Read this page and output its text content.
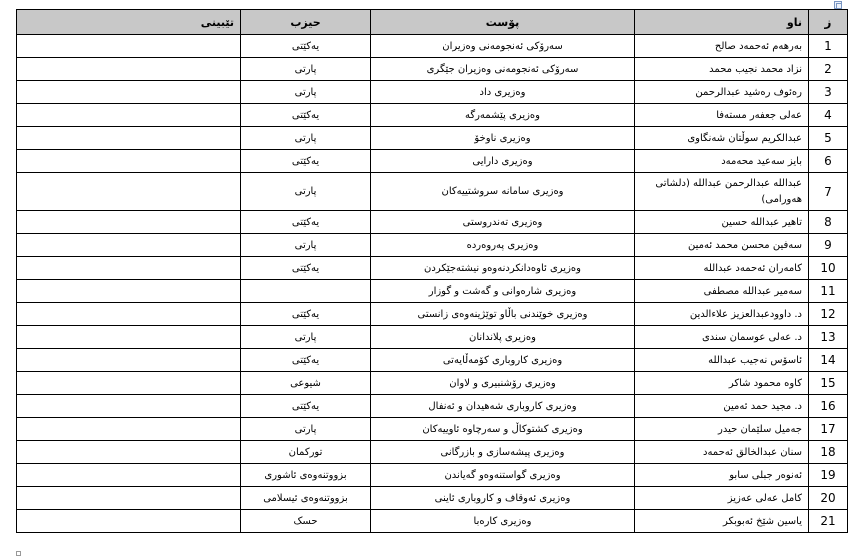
ز	ناو	پۆست	حیزب	تێبینی
1	بەرهەم ئەحمەد صالح	سەرۆکی ئەنجومەنی وەزیران	یەکێتی	
2	نزاد محمد نجیب محمد	سەرۆکی ئەنجومەنی وەزیران جێگری	پارتی	
3	رەئوف رەشید عبدالرحمن	وەزیری داد	پارتی	
4	عەلی جعفەر مستەفا	وەزیری پێشمەرگە	یەکێتی	
5	عبدالکریم سوڵتان شەنگاوی	وەزیری ناوخۆ	پارتی	
6	بایز سەعید محەمەد	وەزیری دارایی	یەکێتی	
7	عبداللە عبدالرحمن عبداللە (دلشاتی هەورامی)	وەزیری سامانە سروشتییەکان	پارتی	
8	تاهیر عبداللە حسین	وەزیری تەندروستی	یەکێتی	
9	سەفین محسن محمد ئەمین	وەزیری پەروەردە	پارتی	
10	کامەران ئەحمەد عبداللە	وەزیری ئاوەدانکردنەوەو نیشتەجێکردن	یەکێتی	
11	سەمیر عبداللە مصطفی	وەزیری شارەوانی و گەشت و گوزار		
12	د. داوودعبدالعزیز علاءالدین	وەزیری خوێندنی باڵاو توێژینەوەی زانستی	یەکێتی	
13	د. عەلی عوسمان سندی	وەزیری پلاندانان	پارتی	
14	ئاسۆس نەجیب عبداللە	وەزیری کاروباری کۆمەڵایەتی	یەکێتی	
15	کاوە محمود شاکر	وەزیری رۆشنبیری و لاوان	شیوعی	
16	د. مجید حمد ئەمین	وەزیری کاروباری شەهیدان و ئەنفال	یەکێتی	
17	جەمیل سلێمان حیدر	وەزیری کشتوکاڵ و سەرچاوە ئاوییەکان	پارتی	
18	سنان عبدالخالق ئەحمەد	وەزیری پیشەسازی و بازرگانی	تورکمان	
19	ئەنوەر جبلی سابو	وەزیری گواستنەوەو گەیاندن	بزووتنەوەی ئاشوری	
20	کامل عەلی عەزیز	وەزیری ئەوقاف و کاروباری ئاینی	بزووتنەوەی ئیسلامی	
21	یاسین شێخ ئەبوبکر	وەزیری کارەبا	حسک	
